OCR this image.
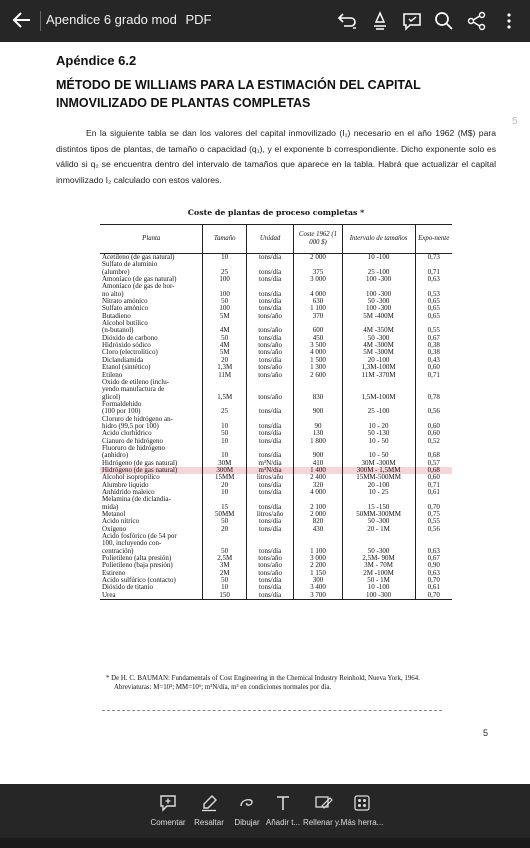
Apendice 6 grado mod PDF
Apéndice 6.2
MÉTODO DE WILLIAMS PARA LA ESTIMACIÓN DEL CAPITAL INMOVILIZADO DE PLANTAS COMPLETAS
En la siguiente tabla se dan los valores del capital inmovilizado (I₁) necesario en el año 1962 (M$) para distintos tipos de plantas, de tamaño o capacidad (q₁), y el exponente b correspondiente. Dicho exponente solo es válido si q₂ se encuentra dentro del intervalo de tamaños que aparece en la tabla. Habrá que actualizar el capital inmovilizado I₂ calculado con estos valores.
5
Coste de plantas de proceso completas *
Planta	Tamaño	Unidad	Coste 1962 (1 000 $)	Intervalo de tamaños	Expo-nente
Acetileno (de gas natural)	10	tons/día	2 000	10 -100	0,73
Sulfato de aluminio					
(alumbre)	25	tons/día	375	25 -100	0,71
Amoníaco (de gas natural)	100	tons/día	3 000	100 -300	0,63
Amoníaco (de gas de hor-					
no alto)	100	tons/día	4 000	100 -300	0,53
Nitrato amónico	50	tons/día	630	50 -300	0,65
Sulfato amónico	100	tons/día	1 100	100 -300	0,65
Butadieno	5M	tons/año	370	5M -400M	0,65
Alcohol butílico					
(n-butanol)	4M	tons/año	600	4M -350M	0,55
Dióxido de carbono	50	tons/día	450	50 -300	0,67
Hidróxido sódico	4M	tons/año	3 500	4M -300M	0,38
Cloro (electrolítico)	5M	tons/año	4 000	5M -300M	0,38
Diclandiamida	20	tons/día	1 500	20 -100	0,43
Etanol (sintético)	1,3M	tons/año	1 300	1,3M-100M	0,60
Etileno	11M	tons/año	2 600	11M -370M	0,71
Oxido de etileno (inclu-					
yendo manufactura de					
glicol)	1,5M	tons/año	830	1,5M-100M	0,78
Formaldehído					
(100 por 100)	25	tons/día	900	25 -100	0,56
Cloruro de hidrógeno an-					
hidro (99,5 por 100)	10	tons/día	90	10 - 20	0,60
Acido clorhídrico	50	tons/día	130	50 -130	0,60
Cianuro de hidrógeno	10	tons/día	1 800	10 - 50	0,52
Fluoruro de hidrógeno					
(anhidro)	10	tons/día	900	10 - 50	0,68
Hidrógeno (de gas natural)	30M	m³N/día	410	30M -300M	0,57
Hidrógeno (de gas natural)	300M	m³N/día	1 400	300M - 1,5MM	0,68
Alcohol isopropílico	15MM	litros/año	2 400	15MM-500MM	0,60
Alumbre líquido	20	tons/día	320	20 -100	0,71
Anhídrido maleico	10	tons/día	4 000	10 - 25	0,61
Melamina (de diclandia-					
mida)	15	tons/día	2 100	15 -150	0,70
Metanol	50MM	litros/año	2 000	50MM-300MM	0,75
Acido nítrico	50	tons/día	820	50 -300	0,55
Oxígeno	20	tons/día	430	20 - 1M	0,56
Acido fosfórico (de 54 por					
100, incluyendo con-					
centración)	50	tons/día	1 100	50 -300	0,63
Polietileno (alta presión)	2,5M	tons/año	3 000	2,5M- 90M	0,67
Polietileno (baja presión)	3M	tons/año	2 200	3M - 70M	0,90
Estireno	2M	tons/año	1 150	2M -100M	0,63
Acido sulfúrico (contacto)	50	tons/día	300	50 - 1M	0,70
Dióxido de titanio	10	tons/día	3 400	10 -100	0,61
Urea	150	tons/día	3 700	100 -300	0,70
* De H. C. BAUMAN: Fundamentals of Cost Engineering in the Chemical Industry Reinhold, Nueva York, 1964.
Abreviaturas: M=10³; MM=10⁶; m³N/día, m³ en condiciones normales por día.
5
Comentar	Resaltar	Dibujar Añadir t... Rellenar y...
Más herra...
